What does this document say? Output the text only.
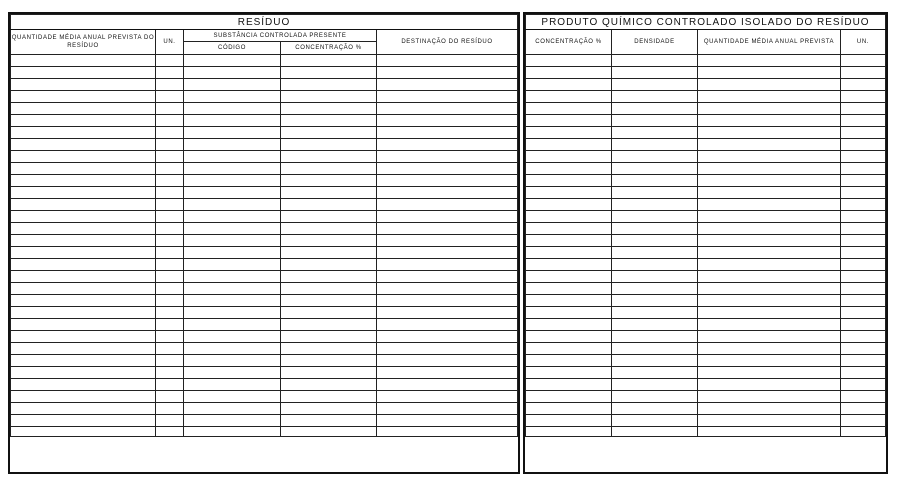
RESÍDUO				
QUANTIDADE MÉDIA ANUAL PREVISTA DO RESÍDUO	UN.	SUBSTÂNCIA CONTROLADA PRESENTE		DESTINAÇÃO DO RESÍDUO
		CÓDIGO	CONCENTRAÇÃO %	

PRODUTO QUÍMICO CONTROLADO ISOLADO DO RESÍDUO			
CONCENTRAÇÃO %	DENSIDADE	QUANTIDADE MÉDIA ANUAL PREVISTA	UN.
